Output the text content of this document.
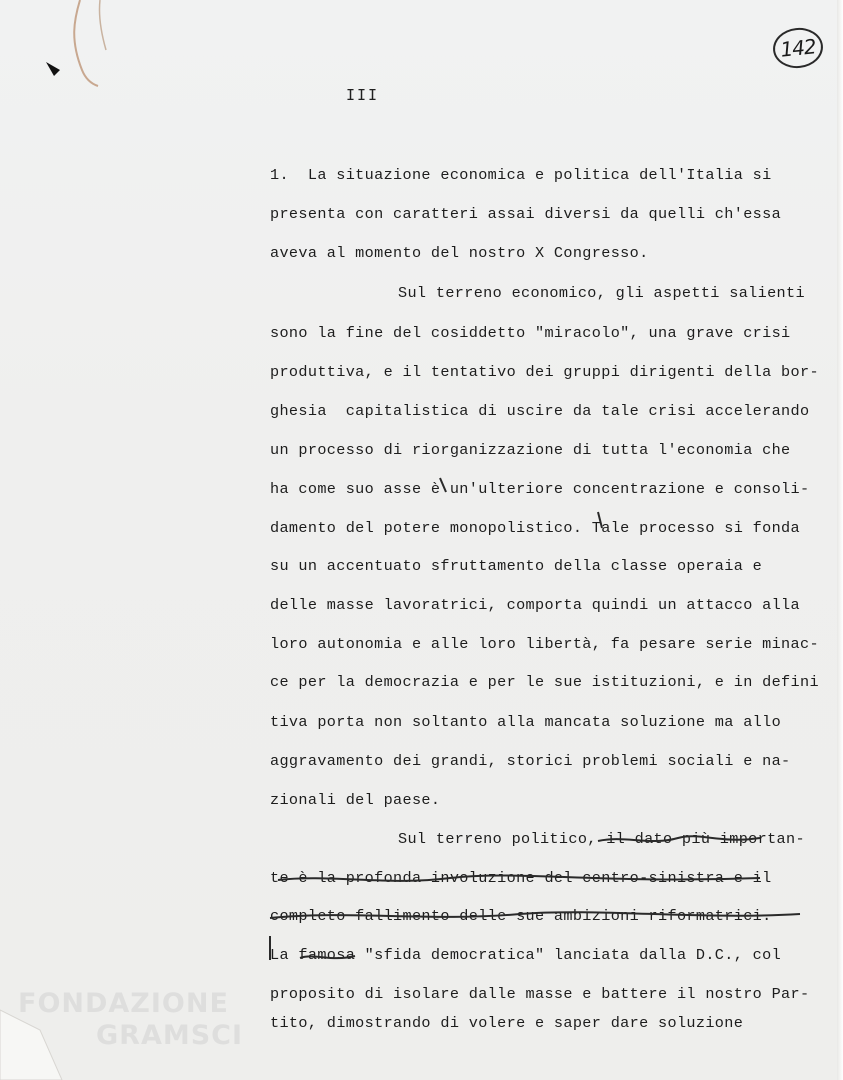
142
III
1.  La situazione economica e politica dell'Italia si
presenta con caratteri assai diversi da quelli ch'essa
aveva al momento del nostro X Congresso.
Sul terreno economico, gli aspetti salienti
sono la fine del cosiddetto "miracolo", una grave crisi
produttiva, e il tentativo dei gruppi dirigenti della bor-
ghesia  capitalistica di uscire da tale crisi accelerando
un processo di riorganizzazione di tutta l'economia che
ha come suo asse è un'ulteriore concentrazione e consoli-
damento del potere monopolistico. Tale processo si fonda
su un accentuato sfruttamento della classe operaia e
delle masse lavoratrici, comporta quindi un attacco alla
loro autonomia e alle loro libertà, fa pesare serie minac-
ce per la democrazia e per le sue istituzioni, e in defini
tiva porta non soltanto alla mancata soluzione ma allo
aggravamento dei grandi, storici problemi sociali e na-
zionali del paese.
Sul terreno politico, il dato più importan-
te è la profonda involuzione del centro-sinistra e il
completo fallimento delle sue ambizioni riformatrici.
La famosa "sfida democratica" lanciata dalla D.C., col
proposito di isolare dalle masse e battere il nostro Par-
tito, dimostrando di volere e saper dare soluzione
FONDAZIONE
GRAMSCI
